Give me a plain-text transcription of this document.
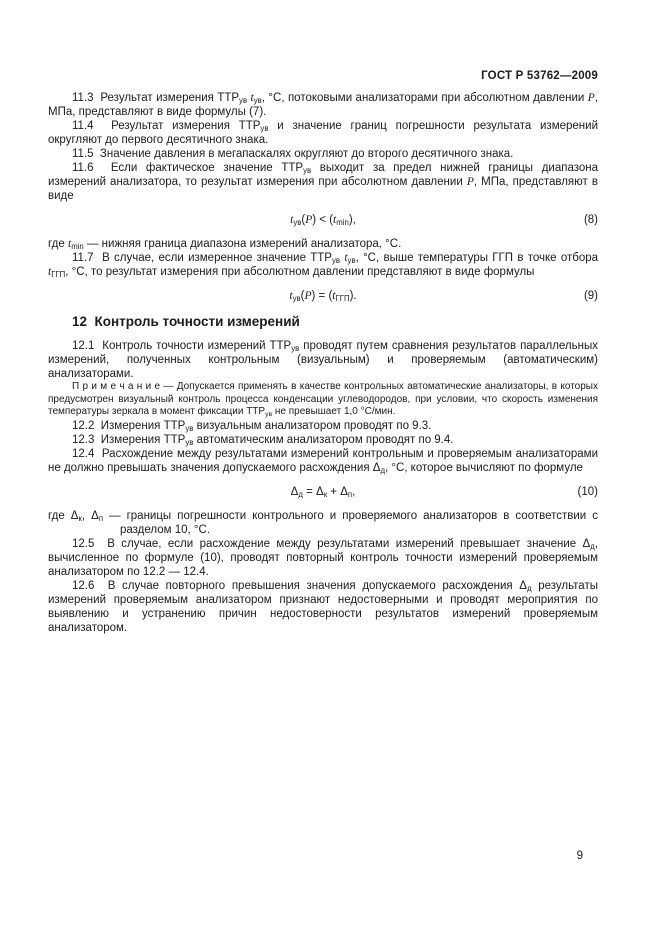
ГОСТ Р 53762—2009

11.3  Результат измерения $ТТР_{ув}$ $t_{ув}$, °С, потоковыми анализаторами при абсолютном давлении P, МПа, представляют в виде формулы (7).

11.4  Результат измерения $ТТР_{ув}$ и значение границ погрешности результата измерений округляют до первого десятичного знака.

11.5  Значение давления в мегапаскалях округляют до второго десятичного знака.

11.6  Если фактическое значение $ТТР_{ув}$ выходит за предел нижней границы диапазона измерений анализатора, то результат измерения при абсолютном давлении P, МПа, представляют в виде

$t_{ув}(P) < (t_{min})$,	(8)

где $t_{min}$ — нижняя граница диапазона измерений анализатора, °С.

11.7  В случае, если измеренное значение $ТТР_{ув}$ $t_{ув}$, °С, выше температуры ГГП в точке отбора $t_{ГГП}$, °С, то результат измерения при абсолютном давлении представляют в виде формулы

$t_{ув}(P) = (t_{ГГП})$.	(9)
12  Контроль точности измерений

12.1  Контроль точности измерений $ТТР_{ув}$ проводят путем сравнения результатов параллельных измерений, полученных контрольным (визуальным) и проверяемым (автоматическим) анализаторами.

П р и м е ч а н и е — Допускается применять в качестве контрольных автоматические анализаторы, в которых предусмотрен визуальный контроль процесса конденсации углеводородов, при условии, что скорость изменения температуры зеркала в момент фиксации $ТТР_{ув}$ не превышает 1,0 °С/мин.

12.2  Измерения $ТТР_{ув}$ визуальным анализатором проводят по 9.3.

12.3  Измерения $ТТР_{ув}$ автоматическим анализатором проводят по 9.4.

12.4  Расхождение между результатами измерений контрольным и проверяемым анализаторами не должно превышать значения допускаемого расхождения $\Delta_д$, °С, которое вычисляют по формуле

$\Delta_д = \Delta_к + \Delta_п$,	(10)

где $\Delta_к$, $\Delta_п$ — границы погрешности контрольного и проверяемого анализаторов в соответствии с разделом 10, °С.

12.5  В случае, если расхождение между результатами измерений превышает значение $\Delta_д$, вычисленное по формуле (10), проводят повторный контроль точности измерений проверяемым анализатором по 12.2 — 12.4.

12.6  В случае повторного превышения значения допускаемого расхождения $\Delta_д$ результаты измерений проверяемым анализатором признают недостоверными и проводят мероприятия по выявлению и устранению причин недостоверности результатов измерений проверяемым анализатором.

9
